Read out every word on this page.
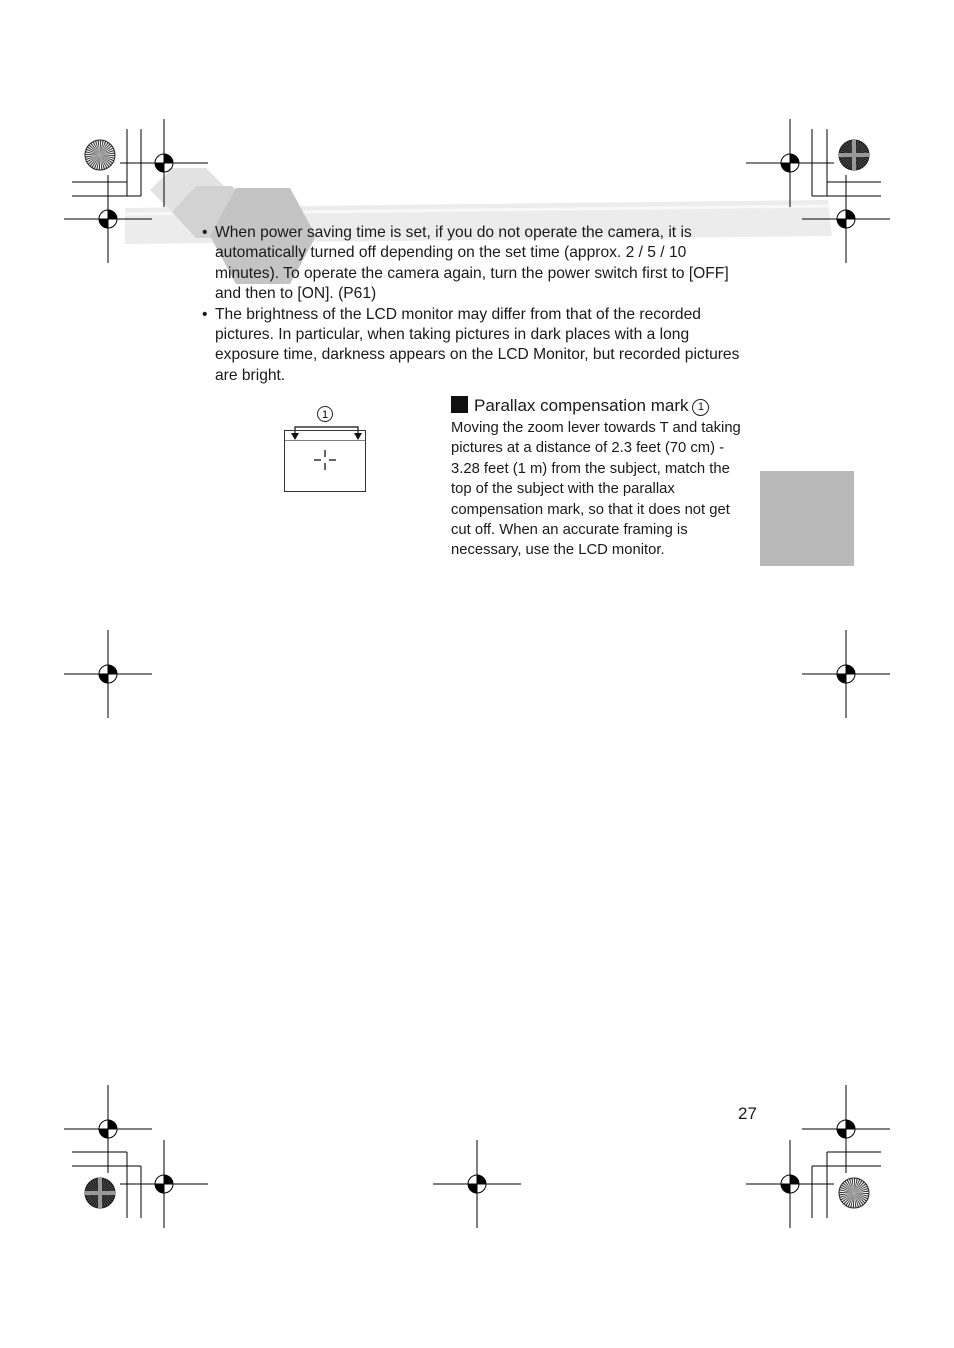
• When power saving time is set, if you do not operate the camera, it is automatically turned off depending on the set time (approx. 2 / 5 / 10 minutes). To operate the camera again, turn the power switch first to [OFF] and then to [ON]. (P61)
• The brightness of the LCD monitor may differ from that of the recorded pictures. In particular, when taking pictures in dark places with a long exposure time, darkness appears on the LCD Monitor, but recorded pictures are bright.
1	Parallax compensation mark 1
Moving the zoom lever towards T and taking pictures at a distance of 2.3 feet (70 cm) - 3.28 feet (1 m) from the subject, match the top of the subject with the parallax compensation mark, so that it does not get cut off. When an accurate framing is necessary, use the LCD monitor.
27
